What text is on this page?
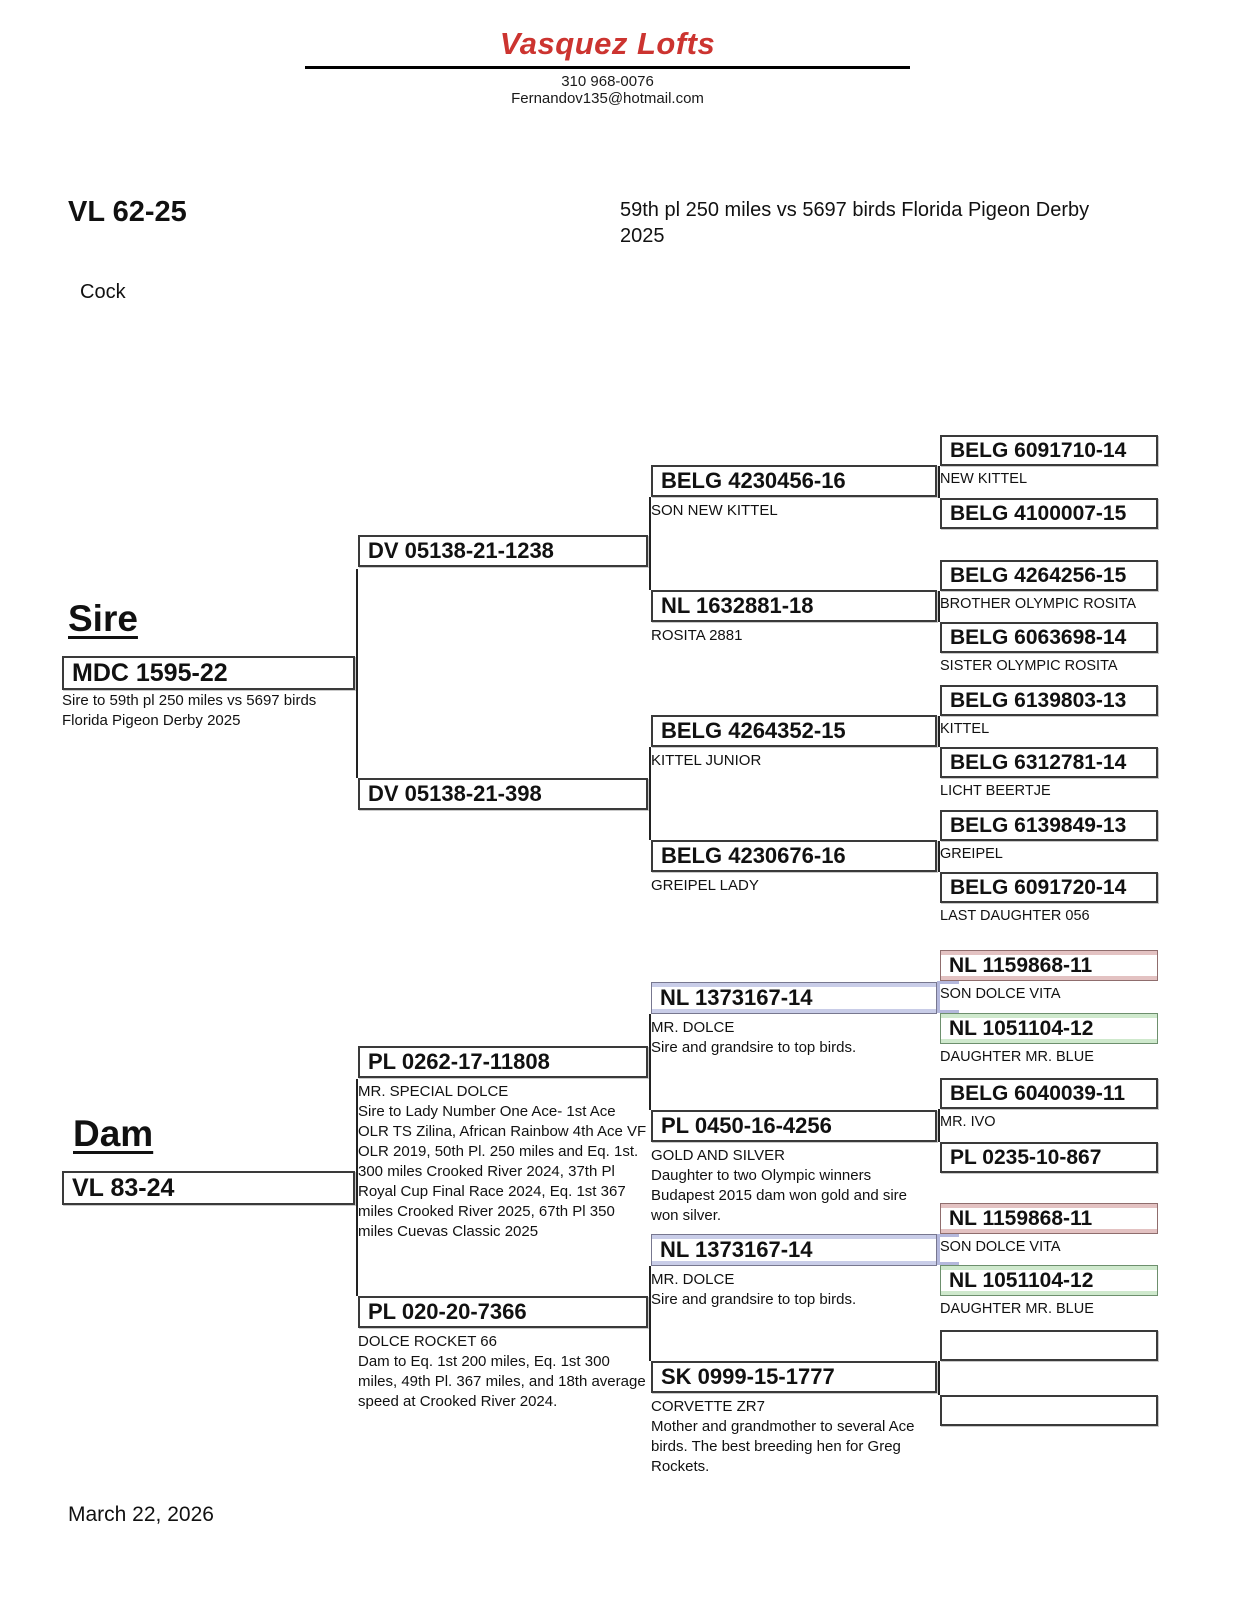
Vasquez Lofts
310 968-0076
Fernandov135@hotmail.com
VL 62-25	59th pl 250 miles vs 5697 birds Florida Pigeon Derby 2025
Cock
Sire
Dam
MDC 1595-22
Sire to 59th pl 250 miles vs 5697 birds Florida Pigeon Derby 2025
VL 83-24
DV 05138-21-1238
DV 05138-21-398
PL 0262-17-11808
MR. SPECIAL DOLCE
Sire to Lady Number One Ace- 1st Ace OLR TS Zilina, African Rainbow 4th Ace VF OLR 2019, 50th Pl. 250 miles and Eq. 1st. 300 miles Crooked River 2024, 37th Pl Royal Cup Final Race 2024, Eq. 1st 367 miles Crooked River 2025, 67th Pl 350 miles Cuevas Classic 2025
PL 020-20-7366
DOLCE ROCKET 66
Dam to Eq. 1st 200 miles, Eq. 1st 300 miles, 49th Pl. 367 miles, and 18th average speed at Crooked River 2024.
BELG 4230456-16
SON NEW KITTEL
NL 1632881-18
ROSITA 2881
BELG 4264352-15
KITTEL JUNIOR
BELG 4230676-16
GREIPEL LADY
NL 1373167-14
MR. DOLCE
Sire and grandsire to top birds.
PL 0450-16-4256
GOLD AND SILVER
Daughter to two Olympic winners Budapest 2015 dam won gold and sire won silver.
NL 1373167-14
MR. DOLCE
Sire and grandsire to top birds.
SK 0999-15-1777
CORVETTE ZR7
Mother and grandmother to several Ace birds. The best breeding hen for Greg Rockets.
BELG 6091710-14
NEW KITTEL
BELG 4100007-15
BELG 4264256-15
BROTHER OLYMPIC ROSITA
BELG 6063698-14
SISTER OLYMPIC ROSITA
BELG 6139803-13
KITTEL
BELG 6312781-14
LICHT BEERTJE
BELG 6139849-13
GREIPEL
BELG 6091720-14
LAST DAUGHTER 056
NL 1159868-11
SON DOLCE VITA
NL 1051104-12
DAUGHTER MR. BLUE
BELG 6040039-11
MR. IVO
PL 0235-10-867
NL 1159868-11
SON DOLCE VITA
NL 1051104-12
DAUGHTER MR. BLUE
March 22, 2026
